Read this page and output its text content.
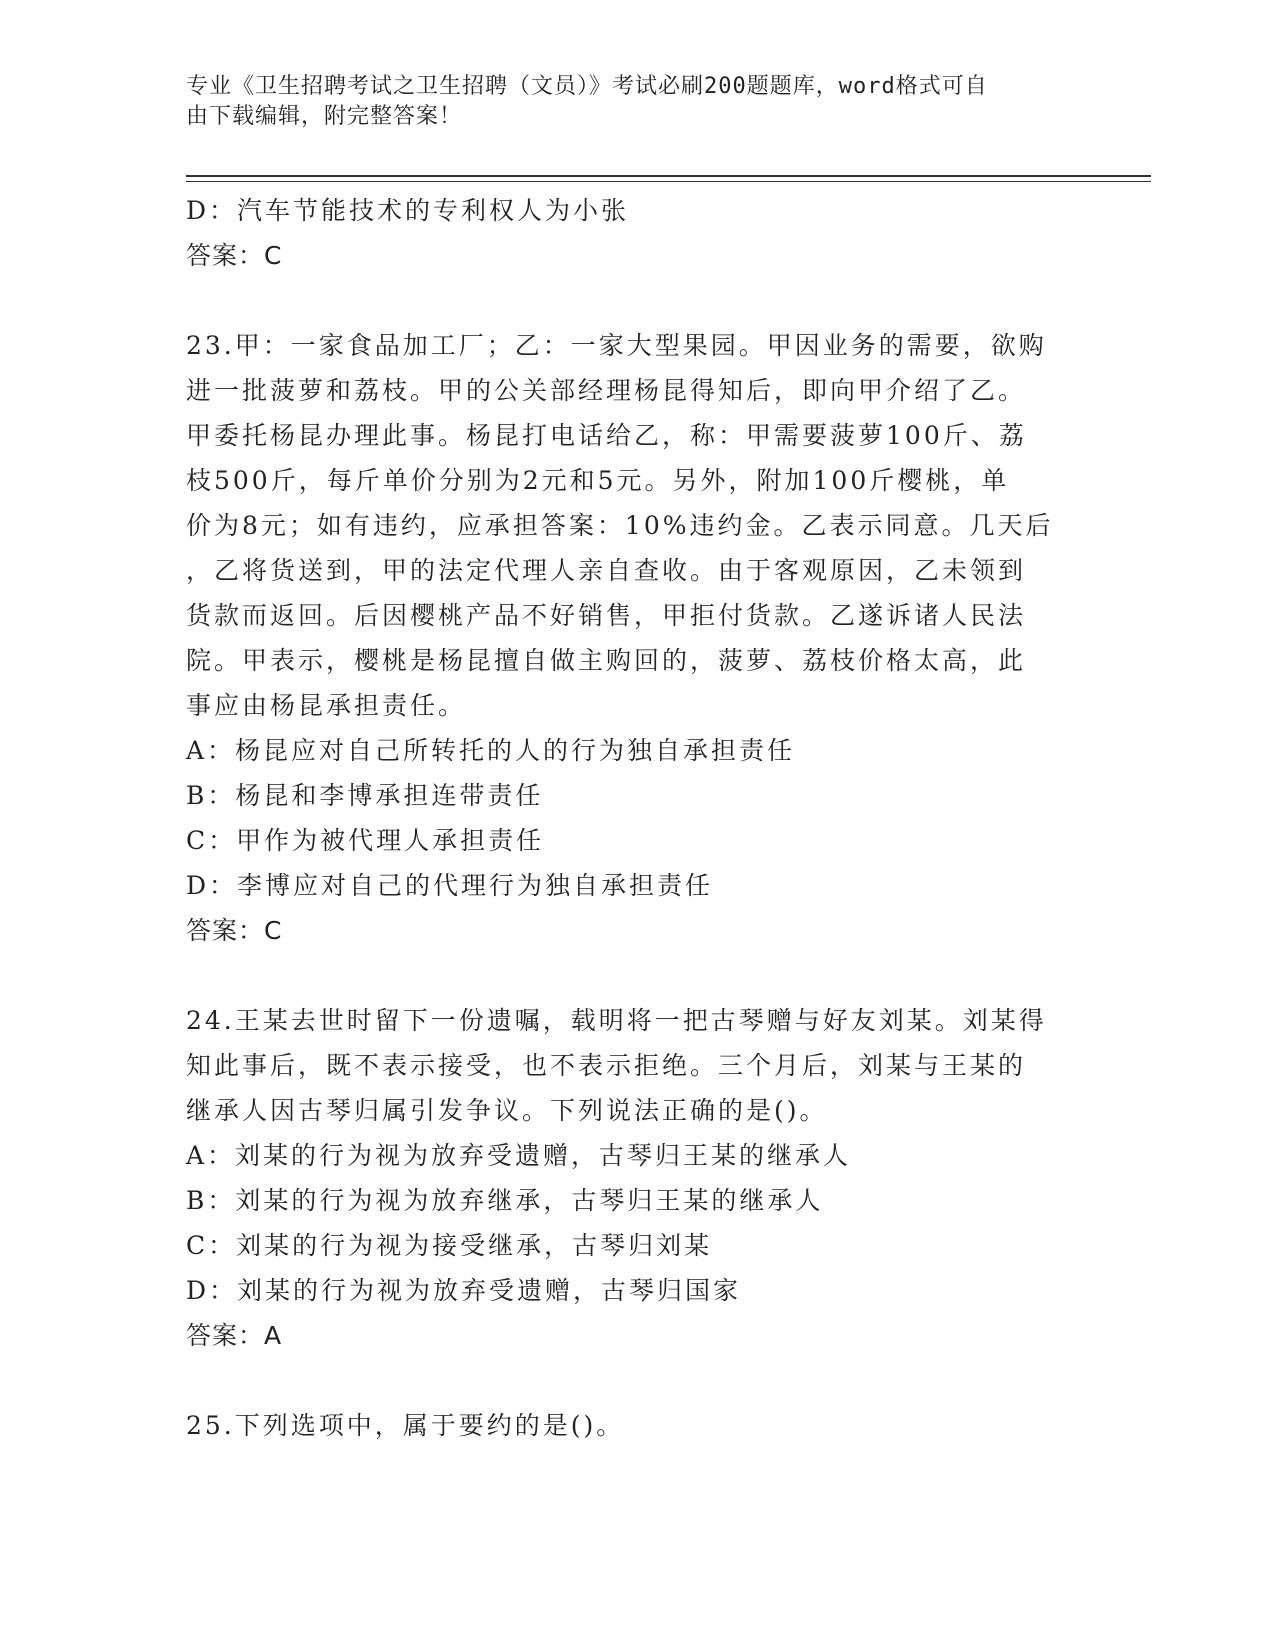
专业《卫生招聘考试之卫生招聘（文员）》考试必刷200题题库，word格式可自
由下载编辑，附完整答案！
D：汽车节能技术的专利权人为小张
答案：C
23.甲：一家食品加工厂；乙：一家大型果园。甲因业务的需要，欲购
进一批菠萝和荔枝。甲的公关部经理杨昆得知后，即向甲介绍了乙。
甲委托杨昆办理此事。杨昆打电话给乙，称：甲需要菠萝100斤、荔
枝500斤，每斤单价分别为2元和5元。另外，附加100斤樱桃，单
价为8元；如有违约，应承担答案：10%违约金。乙表示同意。几天后
，乙将货送到，甲的法定代理人亲自查收。由于客观原因，乙未领到
货款而返回。后因樱桃产品不好销售，甲拒付货款。乙遂诉诸人民法
院。甲表示，樱桃是杨昆擅自做主购回的，菠萝、荔枝价格太高，此
事应由杨昆承担责任。
A：杨昆应对自己所转托的人的行为独自承担责任
B：杨昆和李博承担连带责任
C：甲作为被代理人承担责任
D：李博应对自己的代理行为独自承担责任
答案：C
24.王某去世时留下一份遗嘱，载明将一把古琴赠与好友刘某。刘某得
知此事后，既不表示接受，也不表示拒绝。三个月后，刘某与王某的
继承人因古琴归属引发争议。下列说法正确的是()。
A：刘某的行为视为放弃受遗赠，古琴归王某的继承人
B：刘某的行为视为放弃继承，古琴归王某的继承人
C：刘某的行为视为接受继承，古琴归刘某
D：刘某的行为视为放弃受遗赠，古琴归国家
答案：A
25.下列选项中，属于要约的是()。
